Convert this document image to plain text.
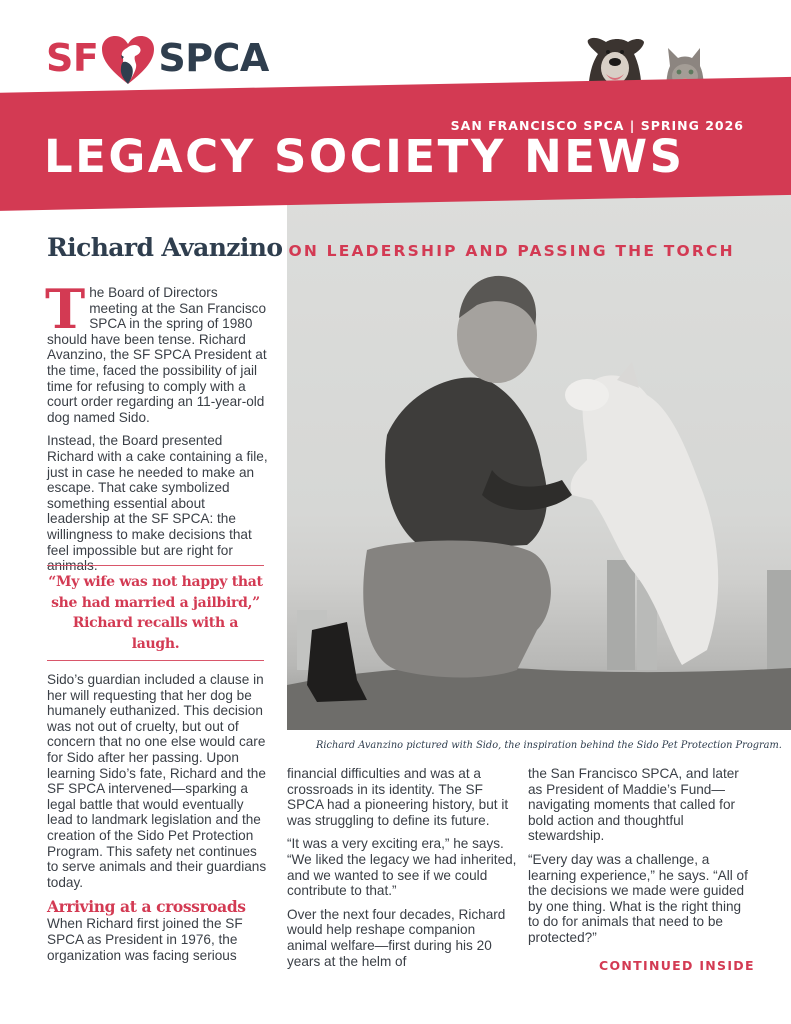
SF SPCA
SAN FRANCISCO SPCA | SPRING 2026
LEGACY SOCIETY NEWS
Richard Avanzino ON LEADERSHIP AND PASSING THE TORCH

T he Board of Directors meeting at the San Francisco SPCA in the spring of 1980 should have been tense. Richard Avanzino, the SF SPCA President at the time, faced the possibility of jail time for refusing to comply with a court order regarding an 11-year-old dog named Sido.

Instead, the Board presented Richard with a cake containing a file, just in case he needed to make an escape. That cake symbolized something essential about leadership at the SF SPCA: the willingness to make decisions that feel impossible but are right for animals.

“My wife was not happy that she had married a jailbird,” Richard recalls with a laugh.

Sido’s guardian included a clause in her will requesting that her dog be humanely euthanized. This decision was not out of cruelty, but out of concern that no one else would care for Sido after her passing. Upon learning Sido’s fate, Richard and the SF SPCA intervened—sparking a legal battle that would eventually lead to landmark legislation and the creation of the Sido Pet Protection Program. This safety net continues to serve animals and their guardians today.

Arriving at a crossroads

When Richard first joined the SF SPCA as President in 1976, the organization was facing serious

Richard Avanzino pictured with Sido, the inspiration behind the Sido Pet Protection Program.

financial difficulties and was at a crossroads in its identity. The SF SPCA had a pioneering history, but it was struggling to define its future.

“It was a very exciting era,” he says. “We liked the legacy we had inherited, and we wanted to see if we could contribute to that.”

Over the next four decades, Richard would help reshape companion animal welfare—first during his 20 years at the helm of

the San Francisco SPCA, and later as President of Maddie’s Fund—navigating moments that called for bold action and thoughtful stewardship.

“Every day was a challenge, a learning experience,” he says. “All of the decisions we made were guided by one thing. What is the right thing to do for animals that need to be protected?”

CONTINUED INSIDE
